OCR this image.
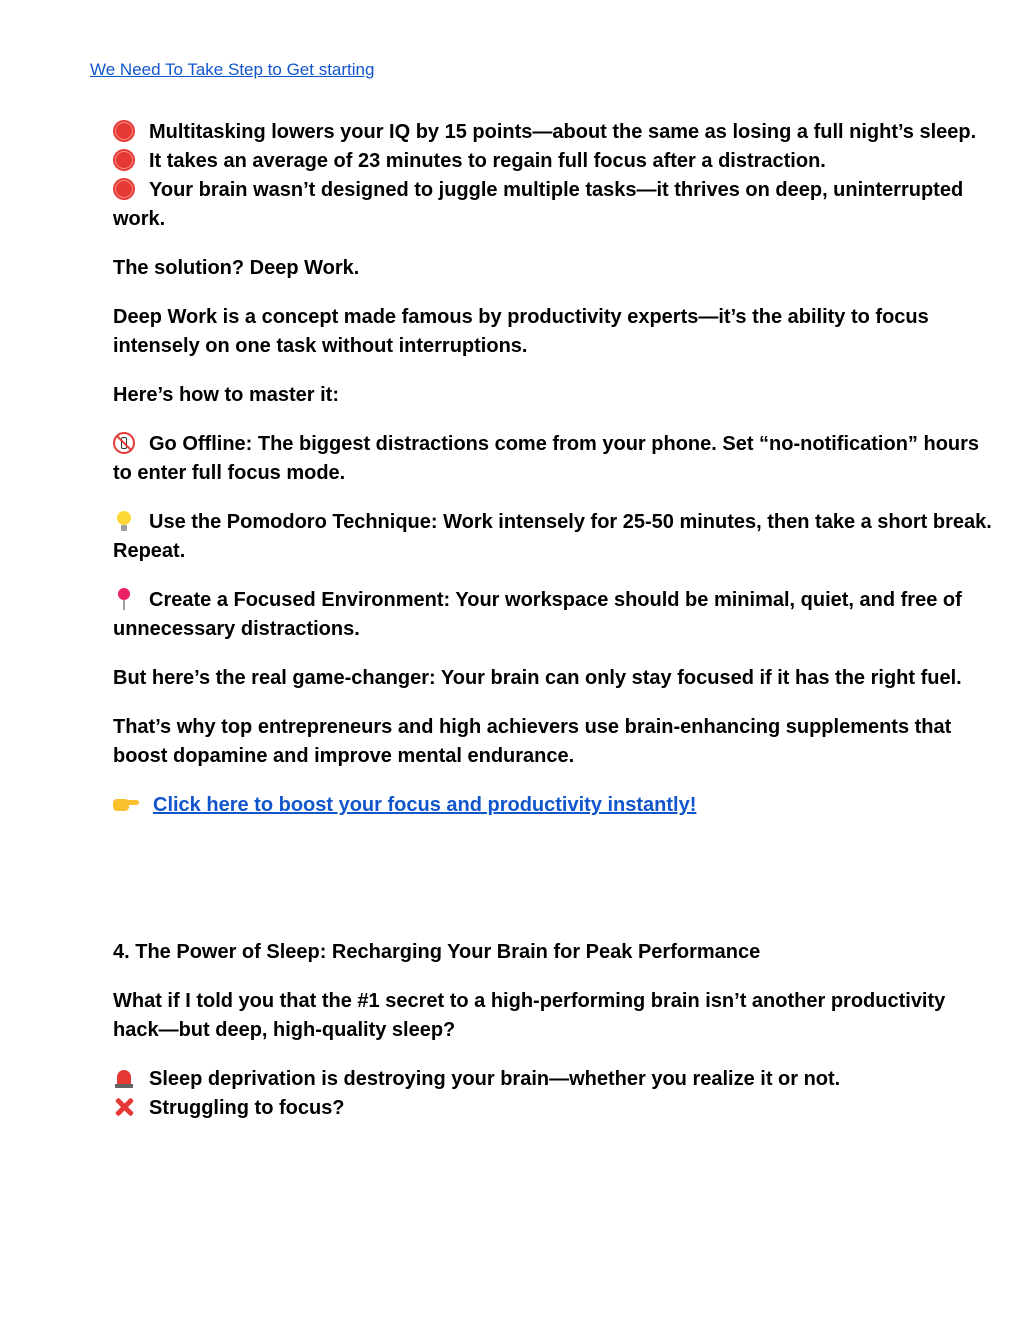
We Need To Take Step to Get starting

Multitasking lowers your IQ by 15 points—about the same as losing a full night’s sleep.
It takes an average of 23 minutes to regain full focus after a distraction.
Your brain wasn’t designed to juggle multiple tasks—it thrives on deep, uninterrupted work.

The solution? Deep Work.

Deep Work is a concept made famous by productivity experts—it’s the ability to focus intensely on one task without interruptions.

Here’s how to master it:

Go Offline: The biggest distractions come from your phone. Set “no-notification” hours to enter full focus mode.

Use the Pomodoro Technique: Work intensely for 25-50 minutes, then take a short break. Repeat.

Create a Focused Environment: Your workspace should be minimal, quiet, and free of unnecessary distractions.

But here’s the real game-changer: Your brain can only stay focused if it has the right fuel.

That’s why top entrepreneurs and high achievers use brain-enhancing supplements that boost dopamine and improve mental endurance.

Click here to boost your focus and productivity instantly!

4. The Power of Sleep: Recharging Your Brain for Peak Performance

What if I told you that the #1 secret to a high-performing brain isn’t another productivity hack—but deep, high-quality sleep?

Sleep deprivation is destroying your brain—whether you realize it or not.
Struggling to focus?
